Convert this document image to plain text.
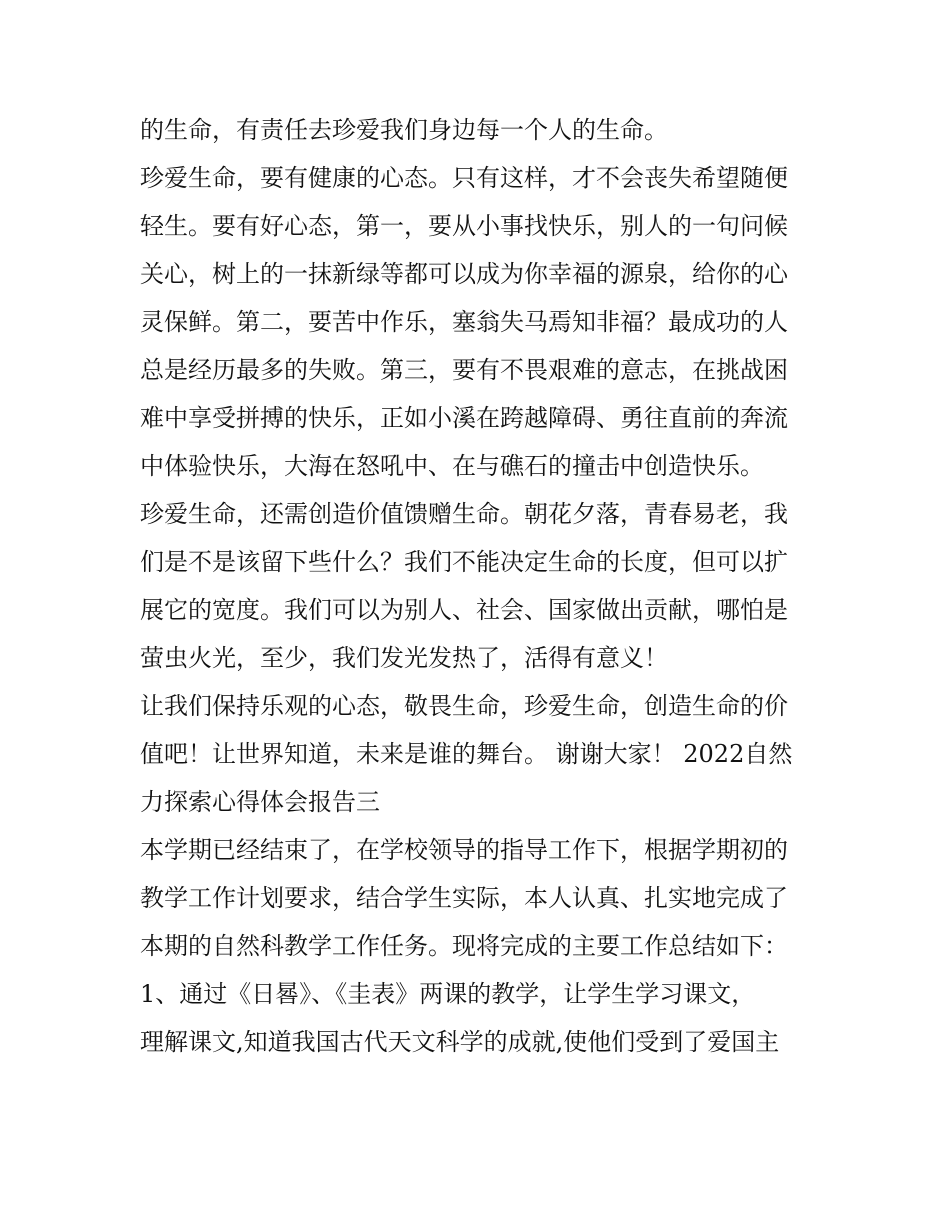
的生命，有责任去珍爱我们身边每一个人的生命。
珍爱生命，要有健康的心态。只有这样，才不会丧失希望随便
轻生。要有好心态，第一，要从小事找快乐，别人的一句问候
关心，树上的一抹新绿等都可以成为你幸福的源泉，给你的心
灵保鲜。第二，要苦中作乐，塞翁失马焉知非福？最成功的人
总是经历最多的失败。第三，要有不畏艰难的意志，在挑战困
难中享受拼搏的快乐，正如小溪在跨越障碍、勇往直前的奔流
中体验快乐，大海在怒吼中、在与礁石的撞击中创造快乐。
珍爱生命，还需创造价值馈赠生命。朝花夕落，青春易老，我
们是不是该留下些什么？我们不能决定生命的长度，但可以扩
展它的宽度。我们可以为别人、社会、国家做出贡献，哪怕是
萤虫火光，至少，我们发光发热了，活得有意义！
让我们保持乐观的心态，敬畏生命，珍爱生命，创造生命的价
值吧！让世界知道，未来是谁的舞台。 谢谢大家！ 2022自然
力探索心得体会报告三
本学期已经结束了，在学校领导的指导工作下，根据学期初的
教学工作计划要求，结合学生实际，本人认真、扎实地完成了
本期的自然科教学工作任务。现将完成的主要工作总结如下：
1、通过《日晷》、《圭表》两课的教学，让学生学习课文，
理解课文,知道我国古代天文科学的成就,使他们受到了爱国主
